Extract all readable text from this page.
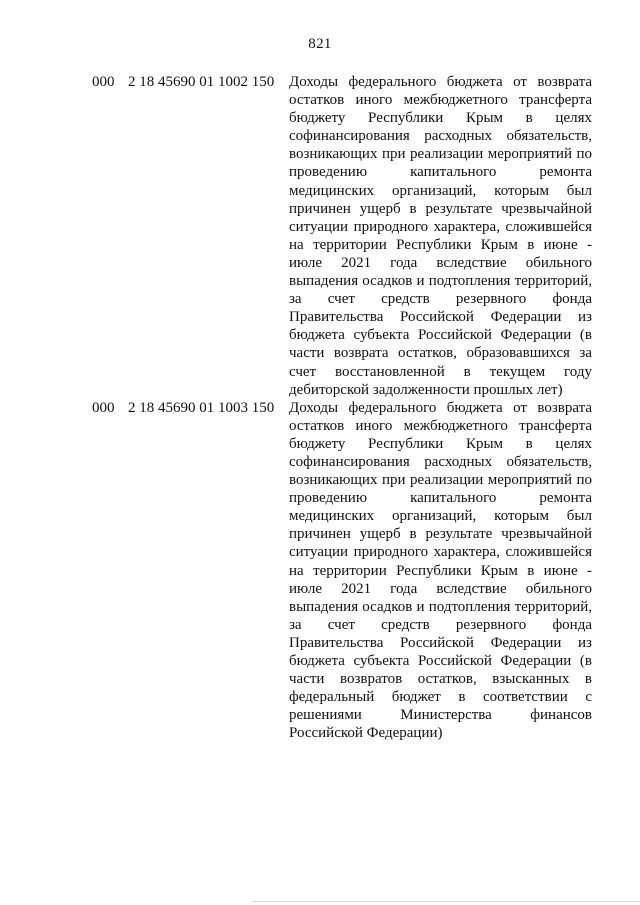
821
000 2 18 45690 01 1002 150 Доходы федерального бюджета от возврата остатков иного межбюджетного трансферта бюджету Республики Крым в целях софинансирования расходных обязательств, возникающих при реализации мероприятий по проведению капитального ремонта медицинских организаций, которым был причинен ущерб в результате чрезвычайной ситуации природного характера, сложившейся на территории Республики Крым в июне - июле 2021 года вследствие обильного выпадения осадков и подтопления территорий, за счет средств резервного фонда Правительства Российской Федерации из бюджета субъекта Российской Федерации (в части возврата остатков, образовавшихся за счет восстановленной в текущем году дебиторской задолженности прошлых лет)
000 2 18 45690 01 1003 150 Доходы федерального бюджета от возврата остатков иного межбюджетного трансферта бюджету Республики Крым в целях софинансирования расходных обязательств, возникающих при реализации мероприятий по проведению капитального ремонта медицинских организаций, которым был причинен ущерб в результате чрезвычайной ситуации природного характера, сложившейся на территории Республики Крым в июне - июле 2021 года вследствие обильного выпадения осадков и подтопления территорий, за счет средств резервного фонда Правительства Российской Федерации из бюджета субъекта Российской Федерации (в части возвратов остатков, взысканных в федеральный бюджет в соответствии с решениями Министерства финансов Российской Федерации)
